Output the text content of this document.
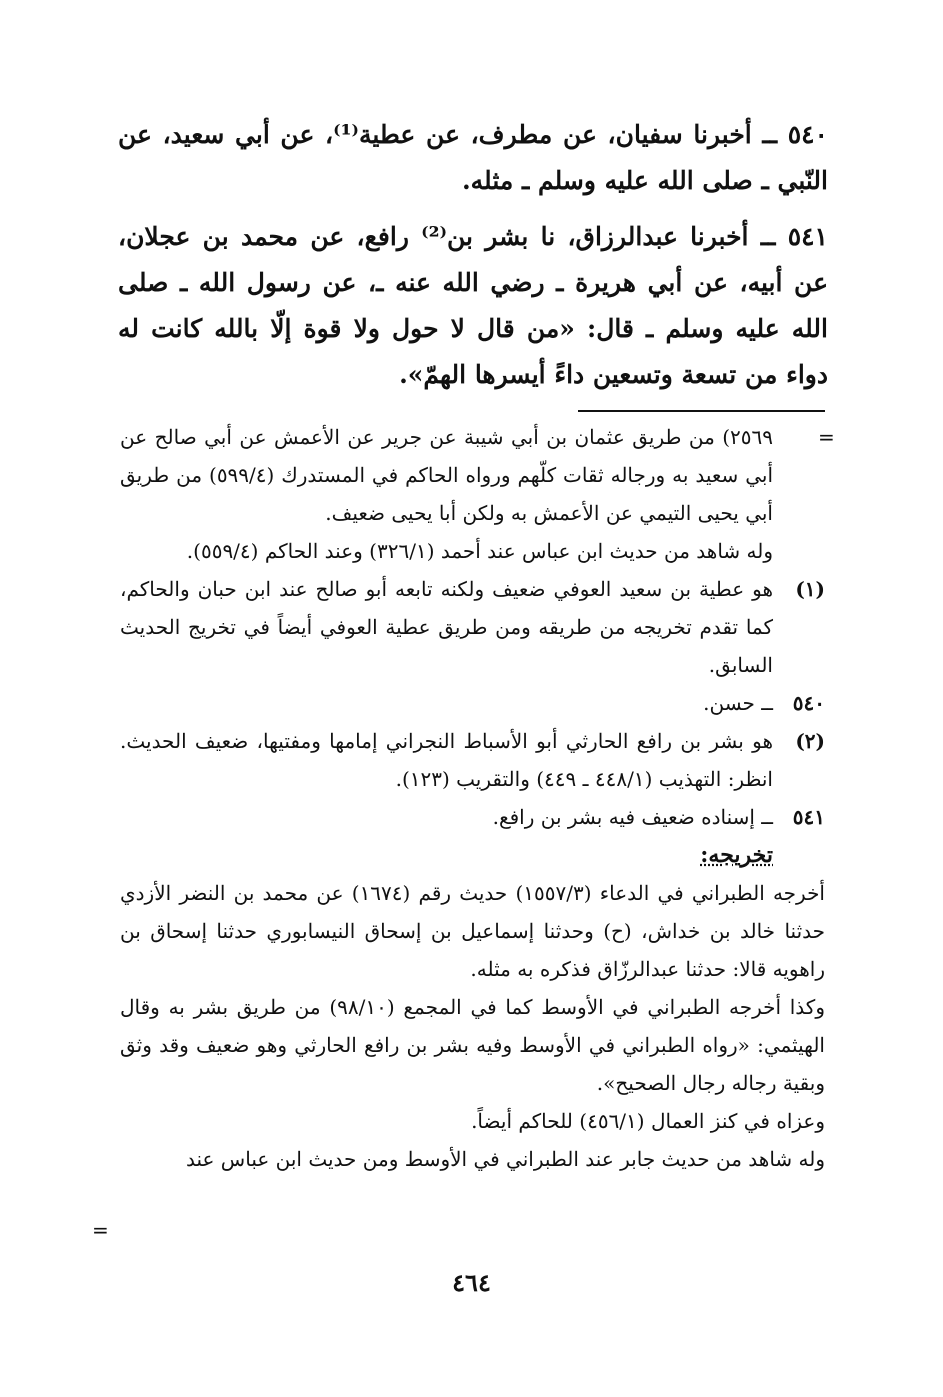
٥٤٠ ــ أخبرنا سفيان، عن مطرف، عن عطية⁽¹⁾، عن أبي سعيد، عن النّبي ـ صلى الله عليه وسلم ـ مثله.

٥٤١ ــ أخبرنا عبدالرزاق، نا بشر بن⁽²⁾ رافع، عن محمد بن عجلان، عن أبيه، عن أبي هريرة ـ رضي الله عنه ـ، عن رسول الله ـ صلى الله عليه وسلم ـ قال: «من قال لا حول ولا قوة إلّا بالله كانت له دواء من تسعة وتسعين داءً أيسرها الهمّ».

=

٢٥٦٩) من طريق عثمان بن أبي شيبة عن جرير عن الأعمش عن أبي صالح عن أبي سعيد به ورجاله ثقات كلّهم ورواه الحاكم في المستدرك (٥٩٩/٤) من طريق أبي يحيى التيمي عن الأعمش به ولكن أبا يحيى ضعيف.

وله شاهد من حديث ابن عباس عند أحمد (٣٢٦/١) وعند الحاكم (٥٥٩/٤).

(١)
هو عطية بن سعيد العوفي ضعيف ولكنه تابعه أبو صالح عند ابن حبان والحاكم، كما تقدم تخريجه من طريقه ومن طريق عطية العوفي أيضاً في تخريج الحديث السابق.
٥٤٠
ــ حسن.
(٢)
هو بشر بن رافع الحارثي أبو الأسباط النجراني إمامها ومفتيها، ضعيف الحديث. انظر: التهذيب (٤٤٨/١ ـ ٤٤٩) والتقريب (١٢٣).
٥٤١
ــ إسناده ضعيف فيه بشر بن رافع.

تخريجه:

أخرجه الطبراني في الدعاء (١٥٥٧/٣) حديث رقم (١٦٧٤) عن محمد بن النضر الأزدي حدثنا خالد بن خداش، (ح) وحدثنا إسماعيل بن إسحاق النيسابوري حدثنا إسحاق بن راهويه قالا: حدثنا عبدالرزّاق فذكره به مثله.

وكذا أخرجه الطبراني في الأوسط كما في المجمع (٩٨/١٠) من طريق بشر به وقال الهيثمي: «رواه الطبراني في الأوسط وفيه بشر بن رافع الحارثي وهو ضعيف وقد وثق وبقية رجاله رجال الصحيح».

وعزاه في كنز العمال (٤٥٦/١) للحاكم أيضاً.

وله شاهد من حديث جابر عند الطبراني في الأوسط ومن حديث ابن عباس عند

=
٤٦٤
